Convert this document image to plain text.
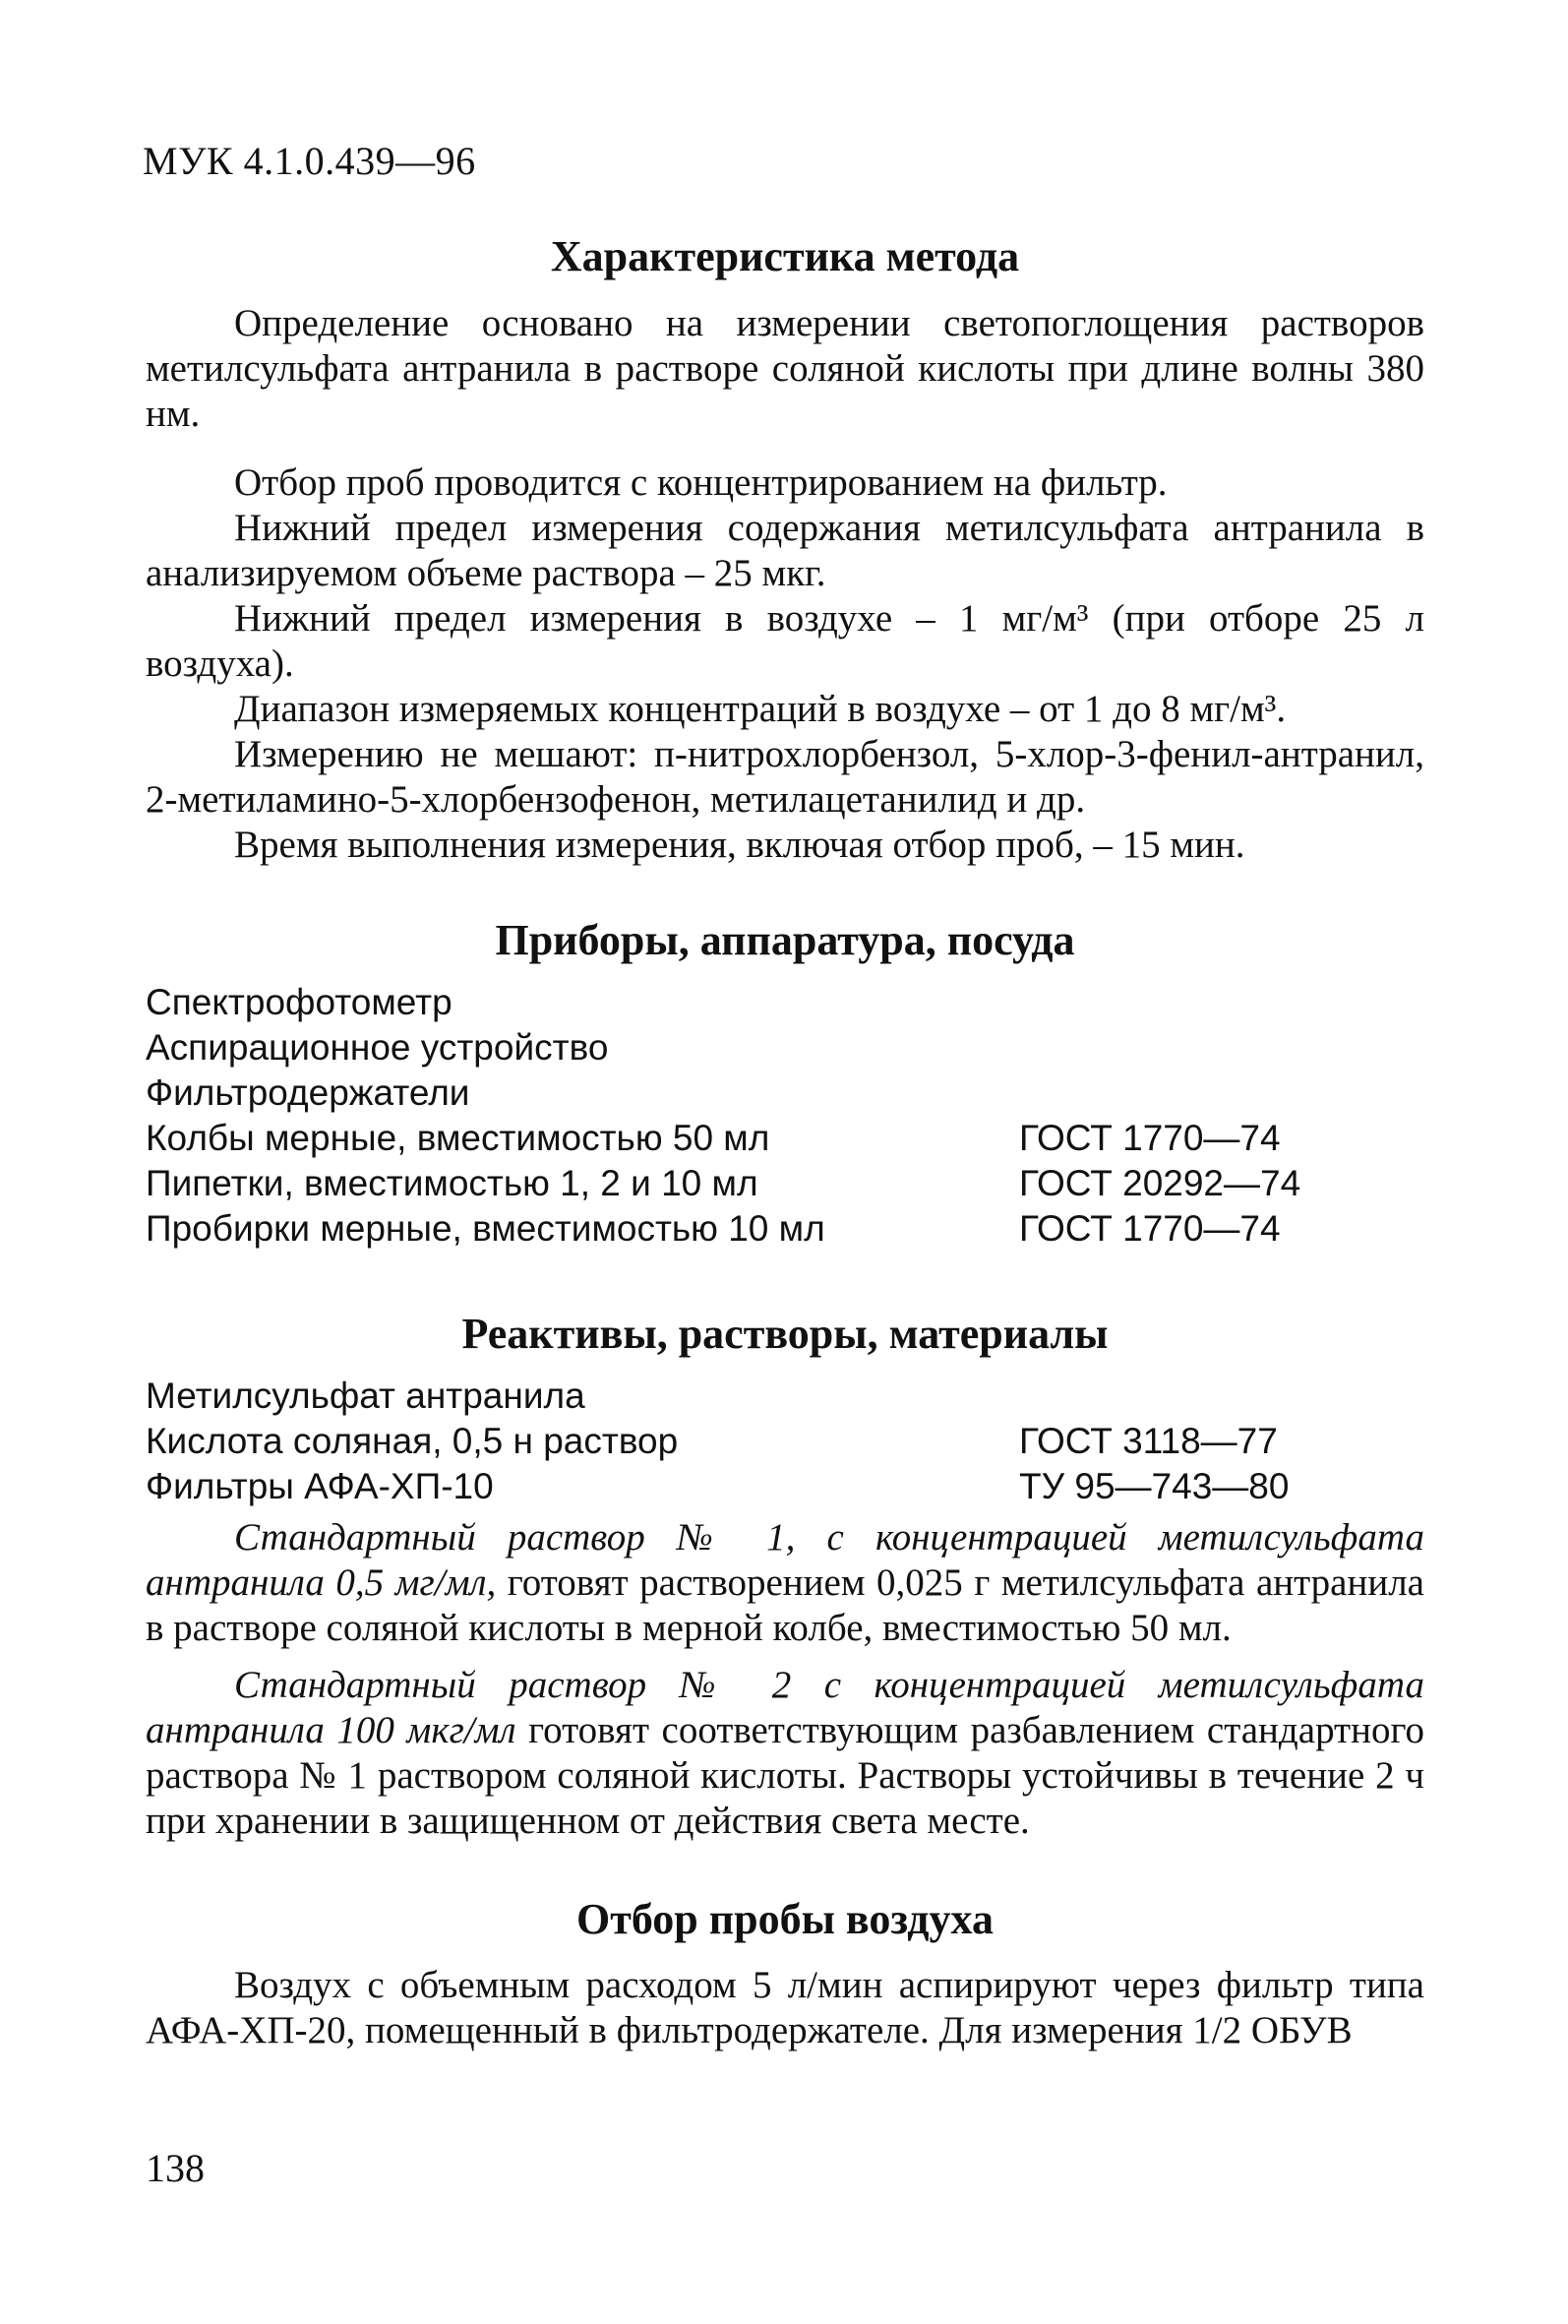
МУК 4.1.0.439—96
Характеристика метода

Определение основано на измерении светопоглощения растворов метилсульфата антранила в растворе соляной кислоты при длине волны 380 нм.

Отбор проб проводится с концентрированием на фильтр.

Нижний предел измерения содержания метилсульфата антранила в анализируемом объеме раствора – 25 мкг.

Нижний предел измерения в воздухе – 1 мг/м³ (при отборе 25 л воздуха).

Диапазон измеряемых концентраций в воздухе – от 1 до 8 мг/м³.

Измерению не мешают: п-нитрохлорбензол, 5-хлор-3-фенил-антранил, 2-метиламино-5-хлорбензофенон, метилацетанилид и др.

Время выполнения измерения, включая отбор проб, – 15 мин.

Приборы, аппаратура, посуда
Спектрофотометр
Аспирационное устройство
Фильтродержатели
Колбы мерные, вместимостью 50 мл	ГОСТ 1770—74
Пипетки, вместимостью 1, 2 и 10 мл	ГОСТ 20292—74
Пробирки мерные, вместимостью 10 мл	ГОСТ 1770—74
Реактивы, растворы, материалы
Метилсульфат антранила
Кислота соляная, 0,5 н раствор	ГОСТ 3118—77
Фильтры АФА-ХП-10	ТУ 95—743—80

Стандартный раствор № 1, с концентрацией метилсульфата антранила 0,5 мг/мл, готовят растворением 0,025 г метилсульфата антранила в растворе соляной кислоты в мерной колбе, вместимостью 50 мл.

Стандартный раствор № 2 с концентрацией метилсульфата антранила 100 мкг/мл готовят соответствующим разбавлением стандартного раствора № 1 раствором соляной кислоты. Растворы устойчивы в течение 2 ч при хранении в защищенном от действия света месте.

Отбор пробы воздуха

Воздух с объемным расходом 5 л/мин аспирируют через фильтр типа АФА-ХП-20, помещенный в фильтродержателе. Для измерения 1/2 ОБУВ

138
